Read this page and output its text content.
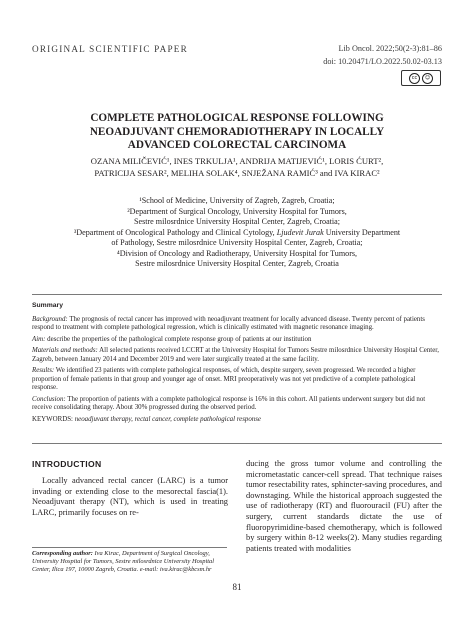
ORIGINAL SCIENTIFIC PAPER	Lib Oncol. 2022;50(2-3):81–86
doi: 10.20471/LO.2022.50.02-03.13
cc	☺
COMPLETE PATHOLOGICAL RESPONSE FOLLOWING
NEOADJUVANT CHEMORADIOTHERAPY IN LOCALLY
ADVANCED COLORECTAL CARCINOMA
OZANA MILIČEVIĆ¹, INES TRKULJA¹, ANDRIJA MATIJEVIĆ¹, LORIS ĆURT²,
PATRICIJA SESAR², MELIHA SOLAK⁴, SNJEŽANA RAMIĆ³ and IVA KIRAC²
¹School of Medicine, University of Zagreb, Zagreb, Croatia;
²Department of Surgical Oncology, University Hospital for Tumors,
Sestre milosrdnice University Hospital Center, Zagreb, Croatia;
³Department of Oncological Pathology and Clinical Cytology, Ljudevit Jurak University Department
of Pathology, Sestre milosrdnice University Hospital Center, Zagreb, Croatia;
⁴Division of Oncology and Radiotherapy, University Hospital for Tumors,
Sestre milosrdnice University Hospital Center, Zagreb, Croatia

Summary

Background: The prognosis of rectal cancer has improved with neoadjuvant treatment for locally advanced disease. Twenty percent of patients respond to treatment with complete pathological regression, which is clinically estimated with magnetic resonance imaging.

Aim: describe the properties of the pathological complete response group of patients at our institution

Materials and methods: All selected patients received LCCRT at the University Hospital for Tumors Sestre milosrdnice University Hospital Center, Zagreb, between January 2014 and December 2019 and were later surgically treated at the same facility.

Results: We identified 23 patients with complete pathological responses, of which, despite surgery, seven progressed. We recorded a higher proportion of female patients in that group and younger age of onset. MRI preoperatively was not yet predictive of a complete pathological response.

Conclusion: The proportion of patients with a complete pathological response is 16% in this cohort. All patients underwent surgery but did not receive consolidating therapy. About 30% progressed during the observed period.

KEYWORDS: neoadjuvant therapy, rectal cancer, complete pathological response

INTRODUCTION

Locally advanced rectal cancer (LARC) is a tumor invading or extending close to the mesorectal fascia(1). Neoadjuvant therapy (NT), which is used in treating LARC, primarily focuses on re-

ducing the gross tumor volume and controlling the micrometastatic cancer-cell spread. That technique raises tumor resectability rates, sphincter-saving procedures, and downstaging. While the historical approach suggested the use of radiotherapy (RT) and fluorouracil (FU) after the surgery, current standards dictate the use of fluoropyrimidine-based chemotherapy, which is followed by surgery within 8-12 weeks(2). Many studies regarding patients treated with modalities

Corresponding author: Iva Kirac, Department of Surgical Oncology, University Hospital for Tumors, Sestre milosrdnice University Hospital Center, Ilica 197, 10000 Zagreb, Croatia. e-mail: iva.kirac@kbcsm.hr
81
